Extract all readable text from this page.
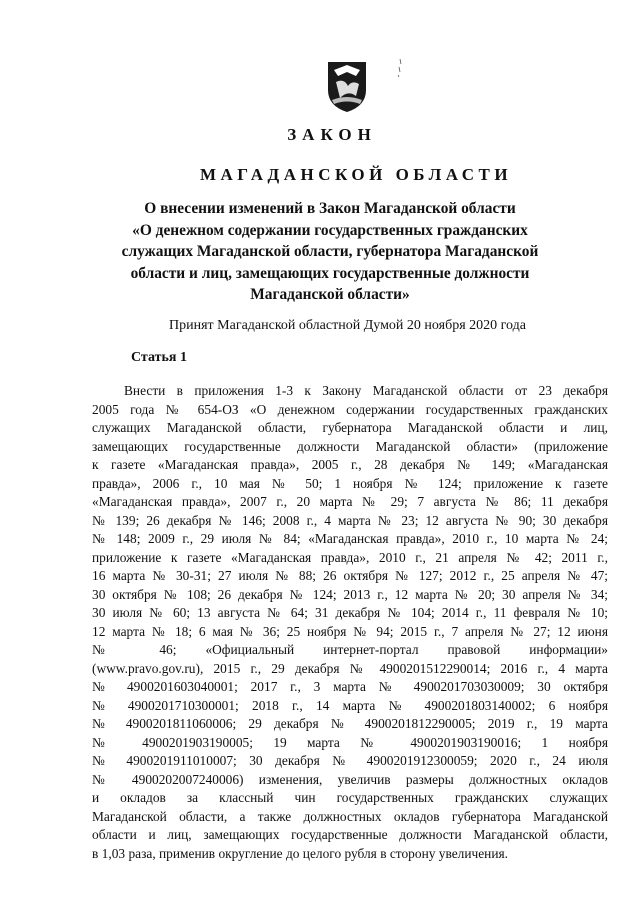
ЗАКОН
МАГАДАНСКОЙ ОБЛАСТИ
О внесении изменений в Закон Магаданской области
«О денежном содержании государственных гражданских
служащих Магаданской области, губернатора Магаданской
области и лиц, замещающих государственные должности
Магаданской области»
Принят Магаданской областной Думой 20 ноября 2020 года
Статья 1
Внести в приложения 1-3 к Закону Магаданской области от 23 декабря
2005 года № 654-ОЗ «О денежном содержании государственных гражданских
служащих Магаданской области, губернатора Магаданской области и лиц,
замещающих государственные должности Магаданской области» (приложение
к газете «Магаданская правда», 2005 г., 28 декабря № 149; «Магаданская
правда», 2006 г., 10 мая № 50; 1 ноября № 124; приложение к газете
«Магаданская правда», 2007 г., 20 марта № 29; 7 августа № 86; 11 декабря
№ 139; 26 декабря № 146; 2008 г., 4 марта № 23; 12 августа № 90; 30 декабря
№ 148; 2009 г., 29 июля № 84; «Магаданская правда», 2010 г., 10 марта № 24;
приложение к газете «Магаданская правда», 2010 г., 21 апреля № 42; 2011 г.,
16 марта № 30-31; 27 июля № 88; 26 октября № 127; 2012 г., 25 апреля № 47;
30 октября № 108; 26 декабря № 124; 2013 г., 12 марта № 20; 30 апреля № 34;
30 июля № 60; 13 августа № 64; 31 декабря № 104; 2014 г., 11 февраля № 10;
12 марта № 18; 6 мая № 36; 25 ноября № 94; 2015 г., 7 апреля № 27; 12 июня
№ 46; «Официальный интернет-портал правовой информации»
(www.pravo.gov.ru), 2015 г., 29 декабря № 4900201512290014; 2016 г., 4 марта
№ 4900201603040001; 2017 г., 3 марта № 4900201703030009; 30 октября
№ 4900201710300001; 2018 г., 14 марта № 4900201803140002; 6 ноября
№ 4900201811060006; 29 декабря № 4900201812290005; 2019 г., 19 марта
№ 4900201903190005; 19 марта № 4900201903190016; 1 ноября
№ 4900201911010007; 30 декабря № 4900201912300059; 2020 г., 24 июля
№ 4900202007240006) изменения, увеличив размеры должностных окладов
и окладов за классный чин государственных гражданских служащих
Магаданской области, а также должностных окладов губернатора Магаданской
области и лиц, замещающих государственные должности Магаданской области,
в 1,03 раза, применив округление до целого рубля в сторону увеличения.
